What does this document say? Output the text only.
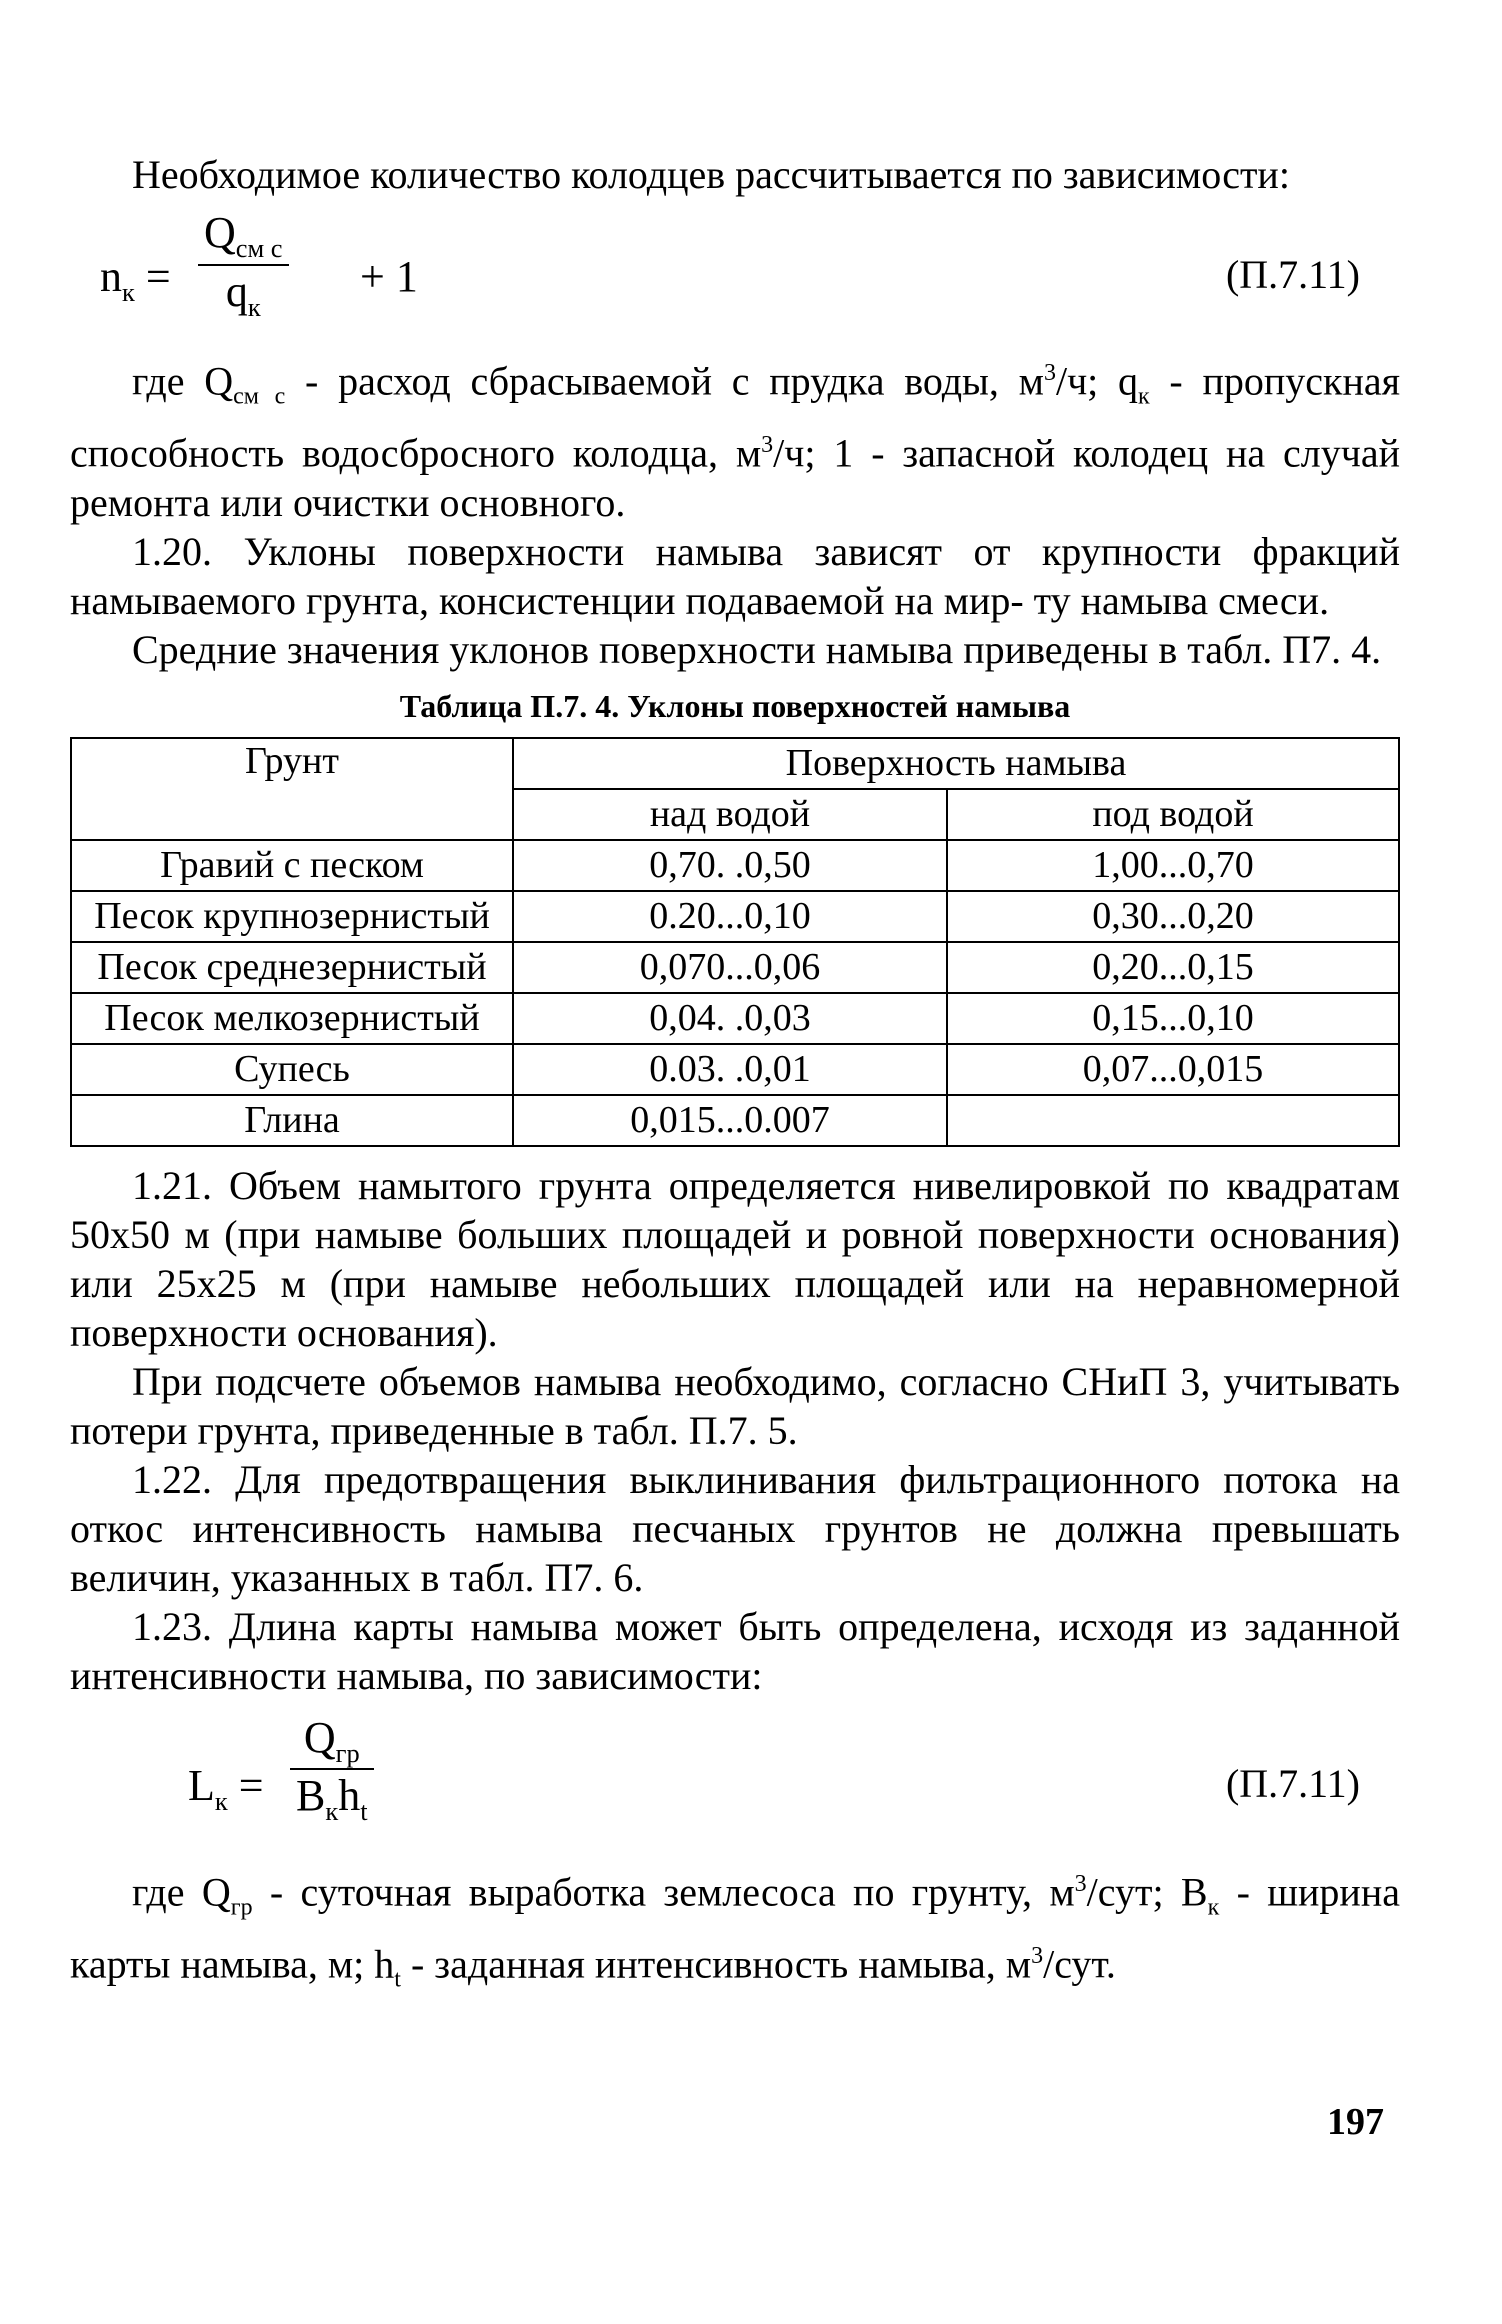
Необходимое количество колодцев рассчитывается по зависимости:

$n_к$ =
$Q_{см с}$
$q_к$
+ 1	(П.7.11)

где $Q_{см с}$ - расход сбрасываемой с прудка воды, $м^3/ч$; $q_к$ - пропускная способность водосбросного колодца, $м^3/ч$; 1 - запасной колодец на случай ремонта или очистки основного.

1.20. Уклоны поверхности намыва зависят от крупности фракций намываемого грунта, консистенции подаваемой на мир- ту намыва смеси.

Средние значения уклонов поверхности намыва приведены в табл. П7. 4.

Таблица П.7. 4. Уклоны поверхностей намыва
Грунт	Поверхность намыва	
	над водой	под водой
Гравий с песком	0,70. .0,50	1,00...0,70
Песок крупнозернистый	0.20...0,10	0,30...0,20
Песок среднезернистый	0,070...0,06	0,20...0,15
Песок мелкозернистый	0,04. .0,03	0,15...0,10
Супесь	0.03. .0,01	0,07...0,015
Глина	0,015...0.007	

1.21. Объем намытого грунта определяется нивелировкой по квадратам 50х50 м (при намыве больших площадей и ровной поверхности основания) или 25х25 м (при намыве небольших площадей или на неравномерной поверхности основания).

При подсчете объемов намыва необходимо, согласно СНиП 3, учитывать потери грунта, приведенные в табл. П.7. 5.

1.22. Для предотвращения выклинивания фильтрационного потока на откос интенсивность намыва песчаных грунтов не должна превышать величин, указанных в табл. П7. 6.

1.23. Длина карты намыва может быть определена, исходя из заданной интенсивности намыва, по зависимости:

$L_к$ =
$Q_{гр}$
$B_кh_t$
(П.7.11)

где $Q_{гр}$ - суточная выработка землесоса по грунту, $м^3$/сут; $B_к$ - ширина карты намыва, м; $h_t$ - заданная интенсивность намыва, $м^3$/сут.

197
